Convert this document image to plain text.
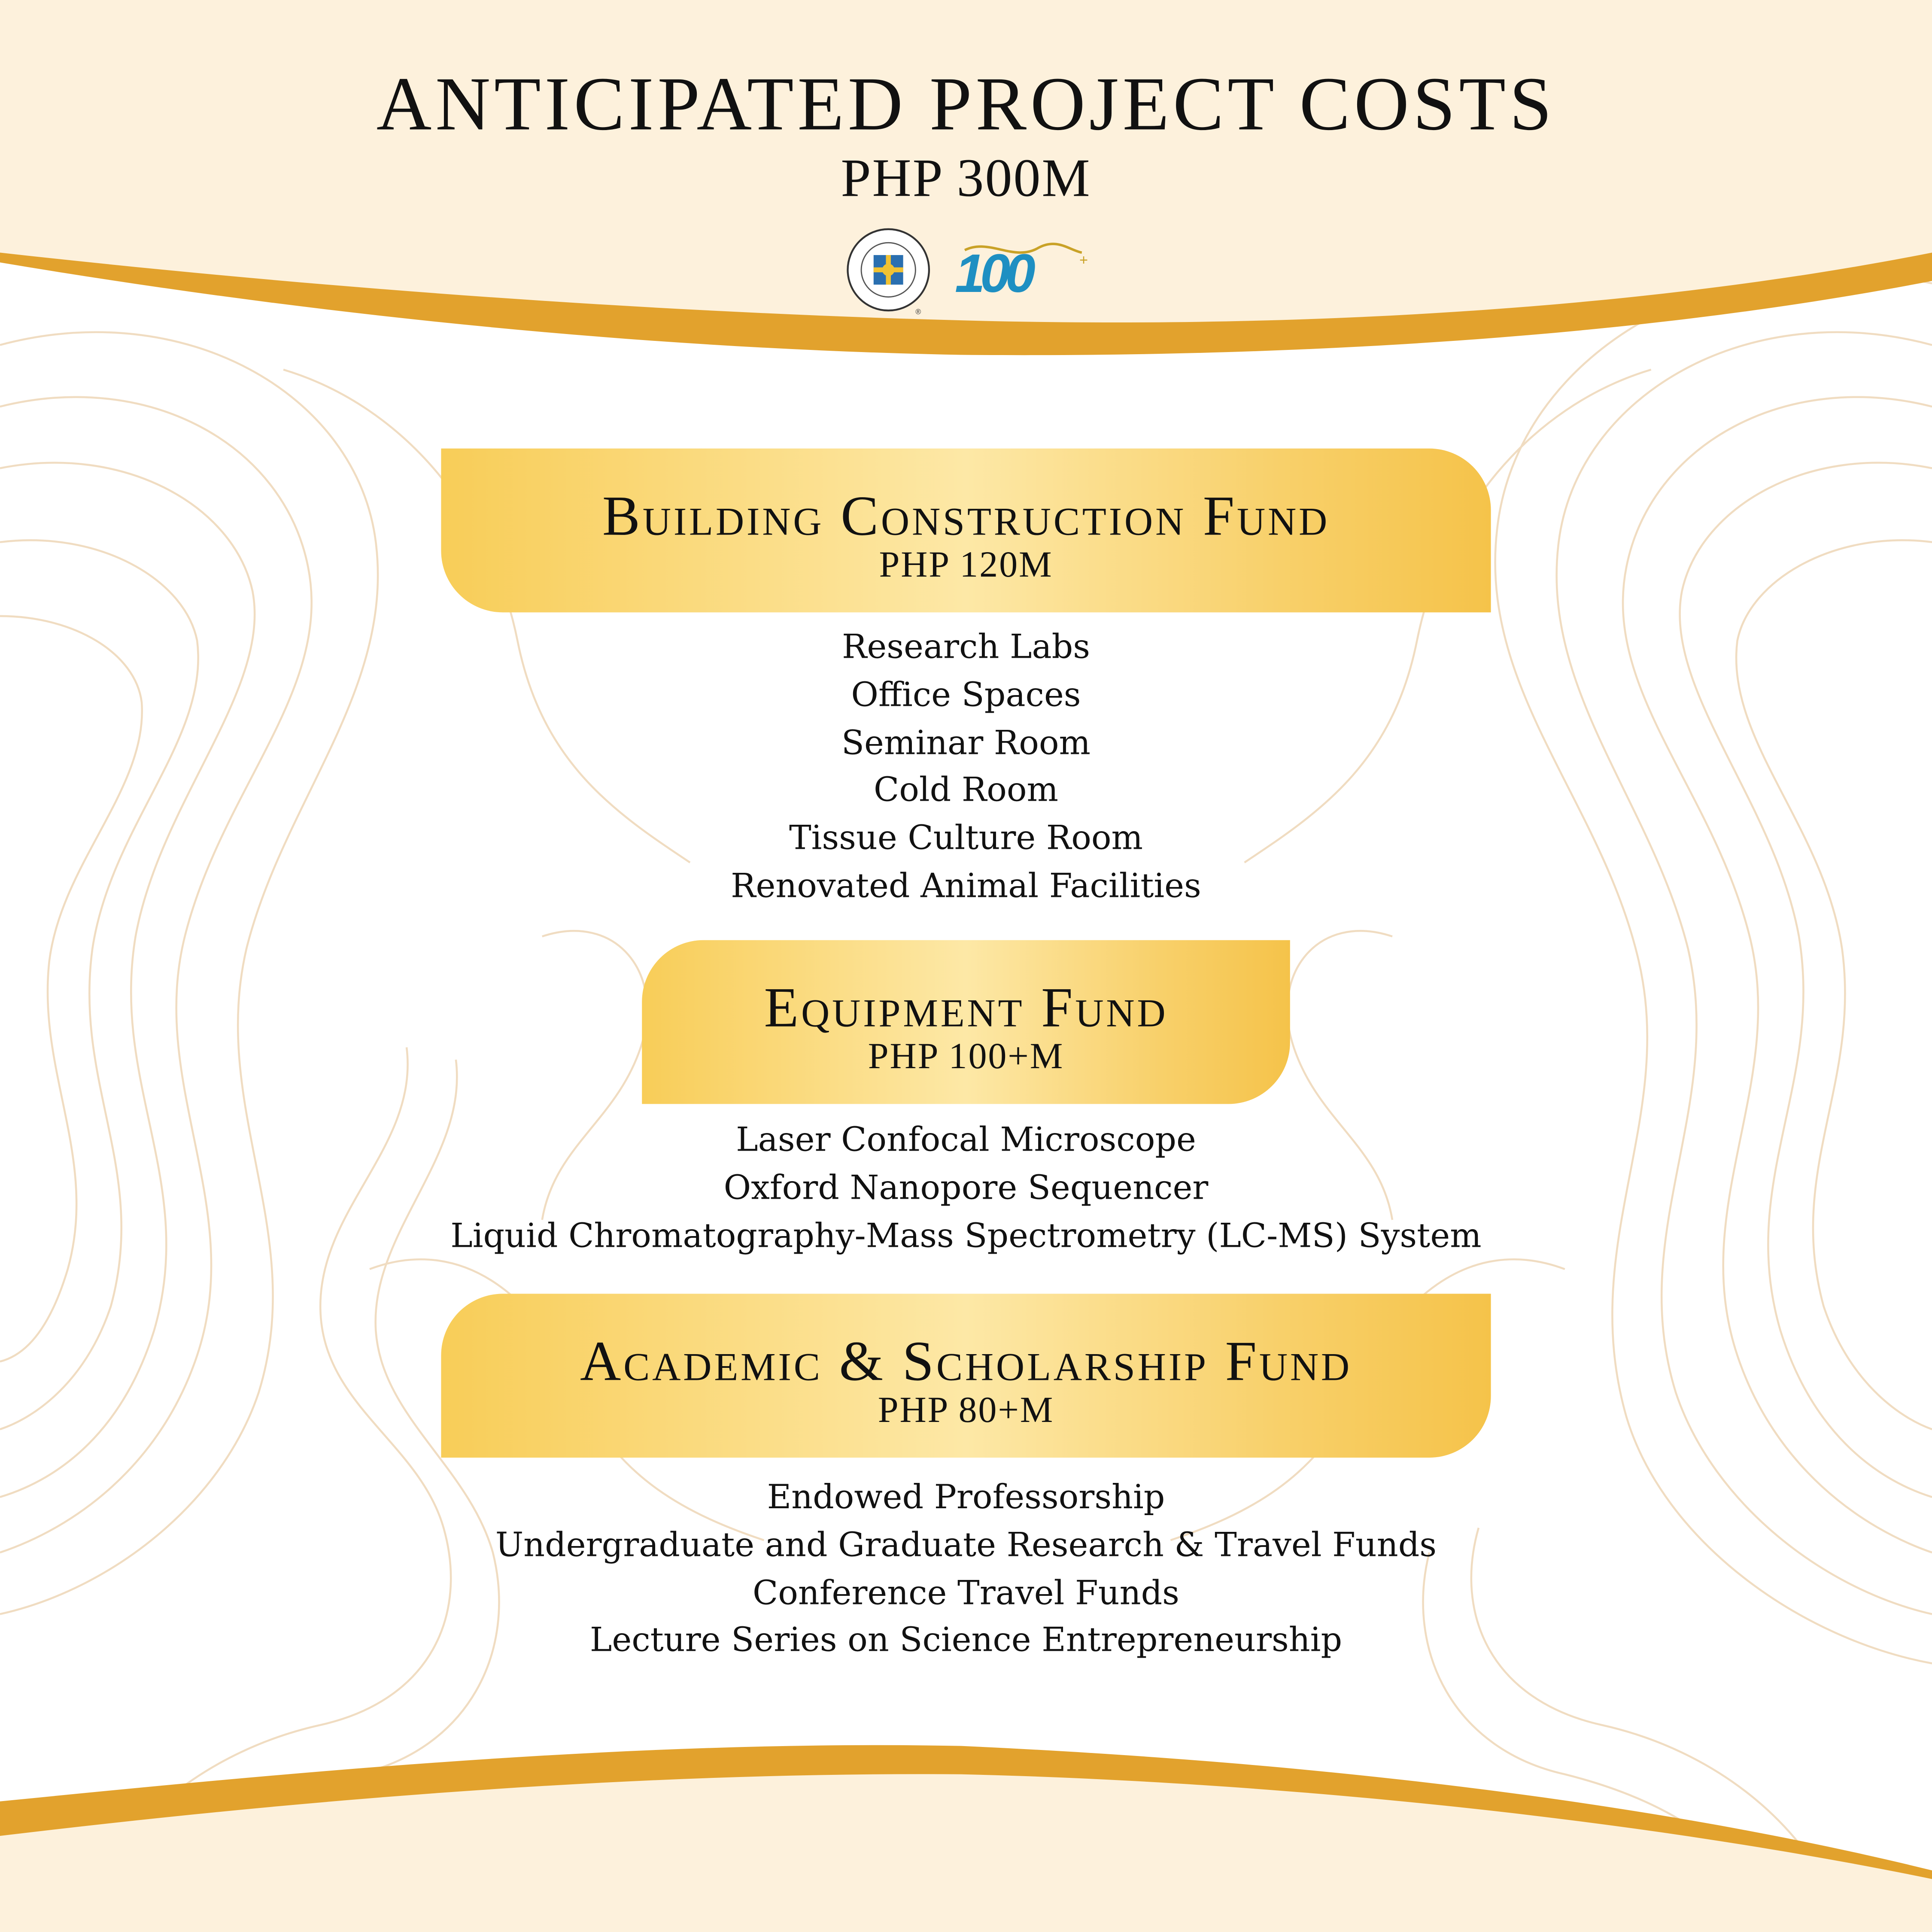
ANTICIPATED PROJECT COSTS
PHP 300M
®
100	+
Building Construction Fund
PHP 120M
Research Labs
Office Spaces
Seminar Room
Cold Room
Tissue Culture Room
Renovated Animal Facilities
Equipment Fund
PHP 100+M
Laser Confocal Microscope
Oxford Nanopore Sequencer
Liquid Chromatography-Mass Spectrometry (LC-MS) System
Academic & Scholarship Fund
PHP 80+M
Endowed Professorship
Undergraduate and Graduate Research & Travel Funds
Conference Travel Funds
Lecture Series on Science Entrepreneurship
